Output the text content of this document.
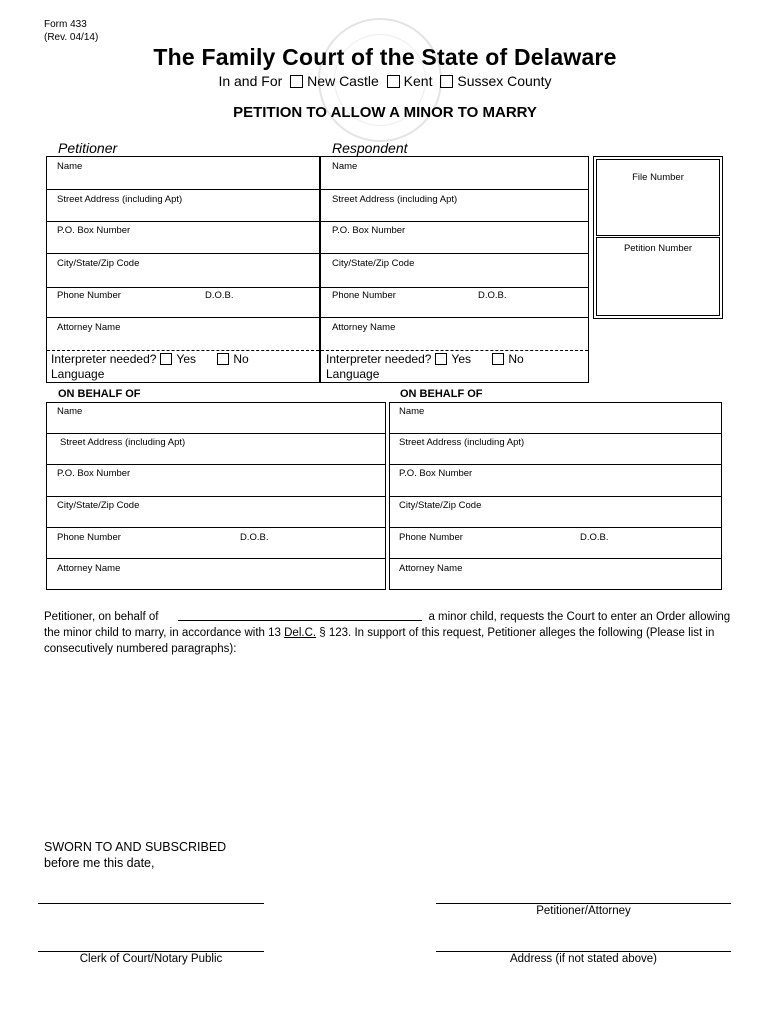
Form 433
(Rev. 04/14)
The Family Court of the State of Delaware
In and For New Castle Kent Sussex County
PETITION TO ALLOW A MINOR TO MARRY
Petitioner	Respondent
Name
Street Address (including Apt)
P.O. Box Number
City/State/Zip Code
Phone Number	D.O.B.
Attorney Name
Interpreter needed? Yes	No
Language
Name
Street Address (including Apt)
P.O. Box Number
City/State/Zip Code
Phone Number	D.O.B.
Attorney Name
Interpreter needed? Yes	No
Language
File Number
Petition Number
ON BEHALF OF	ON BEHALF OF
Name
Street Address (including Apt)
P.O. Box Number
City/State/Zip Code
Phone Number	D.O.B.
Attorney Name
Name
Street Address (including Apt)
P.O. Box Number
City/State/Zip Code
Phone Number	D.O.B.
Attorney Name
Petitioner, on behalf of	a minor child, requests the Court to enter an Order allowing the minor child to marry, in accordance with 13 Del.C. § 123. In support of this request, Petitioner alleges the following (Please list in consecutively numbered paragraphs):
SWORN TO AND SUBSCRIBED
before me this date,
Petitioner/Attorney
Clerk of Court/Notary Public	Address (if not stated above)
